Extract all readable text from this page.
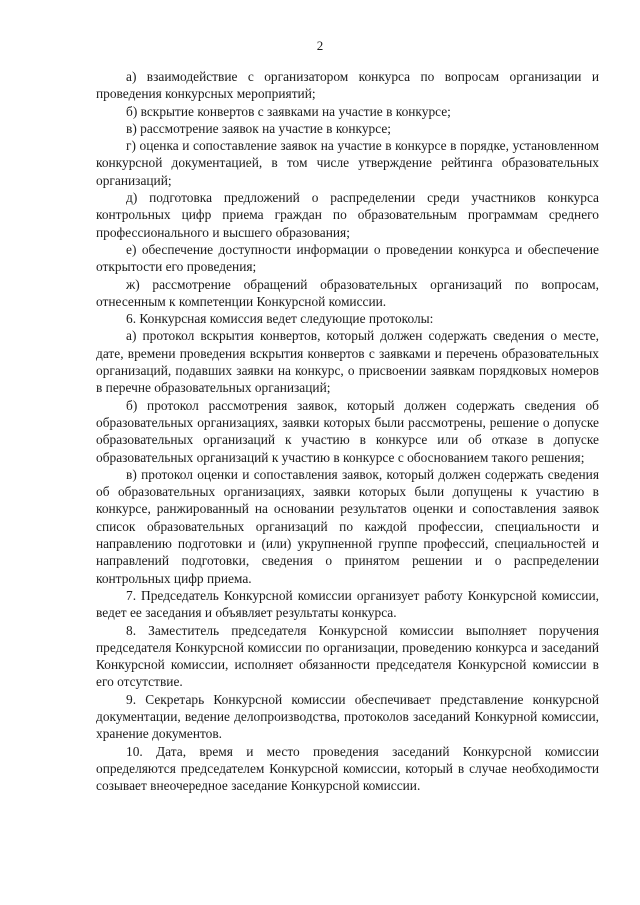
2

а) взаимодействие с организатором конкурса по вопросам организации и проведения конкурсных мероприятий;

б) вскрытие конвертов с заявками на участие в конкурсе;

в) рассмотрение заявок на участие в конкурсе;

г) оценка и сопоставление заявок на участие в конкурсе в порядке, установленном конкурсной документацией, в том числе утверждение рейтинга образовательных организаций;

д) подготовка предложений о распределении среди участников конкурса контрольных цифр приема граждан по образовательным программам среднего профессионального и высшего образования;

е) обеспечение доступности информации о проведении конкурса и обеспечение открытости его проведения;

ж) рассмотрение обращений образовательных организаций по вопросам, отнесенным к компетенции Конкурсной комиссии.

6. Конкурсная комиссия ведет следующие протоколы:

а) протокол вскрытия конвертов, который должен содержать сведения о месте, дате, времени проведения вскрытия конвертов с заявками и перечень образовательных организаций, подавших заявки на конкурс, о присвоении заявкам порядковых номеров в перечне образовательных организаций;

б) протокол рассмотрения заявок, который должен содержать сведения об образовательных организациях, заявки которых были рассмотрены, решение о допуске образовательных организаций к участию в конкурсе или об отказе в допуске образовательных организаций к участию в конкурсе с обоснованием такого решения;

в) протокол оценки и сопоставления заявок, который должен содержать сведения об образовательных организациях, заявки которых были допущены к участию в конкурсе, ранжированный на основании результатов оценки и сопоставления заявок список образовательных организаций по каждой профессии, специальности и направлению подготовки и (или) укрупненной группе профессий, специальностей и направлений подготовки, сведения о принятом решении и о распределении контрольных цифр приема.

7. Председатель Конкурсной комиссии организует работу Конкурсной комиссии, ведет ее заседания и объявляет результаты конкурса.

8. Заместитель председателя Конкурсной комиссии выполняет поручения председателя Конкурсной комиссии по организации, проведению конкурса и заседаний Конкурсной комиссии, исполняет обязанности председателя Конкурсной комиссии в его отсутствие.

9. Секретарь Конкурсной комиссии обеспечивает представление конкурсной документации, ведение делопроизводства, протоколов заседаний Конкурной комиссии, хранение документов.

10. Дата, время и место проведения заседаний Конкурсной комиссии определяются председателем Конкурсной комиссии, который в случае необходимости созывает внеочередное заседание Конкурсной комиссии.
